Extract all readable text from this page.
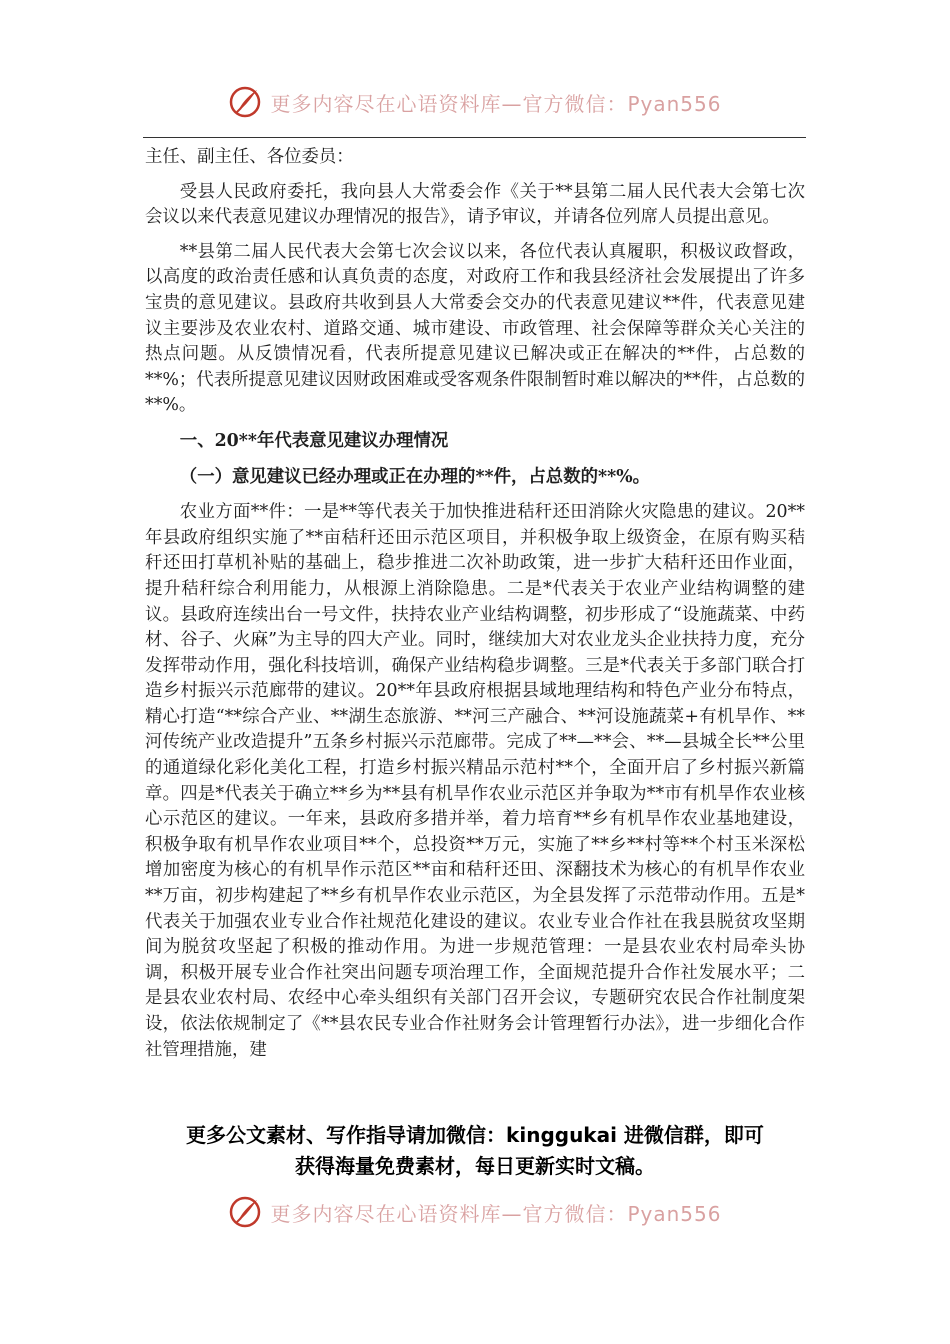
更多内容尽在心语资料库—官方微信：Pyan556

主任、副主任、各位委员：

受县人民政府委托，我向县人大常委会作《关于**县第二届人民代表大会第七次会议以来代表意见建议办理情况的报告》，请予审议，并请各位列席人员提出意见。

**县第二届人民代表大会第七次会议以来，各位代表认真履职，积极议政督政，以高度的政治责任感和认真负责的态度，对政府工作和我县经济社会发展提出了许多宝贵的意见建议。县政府共收到县人大常委会交办的代表意见建议**件，代表意见建议主要涉及农业农村、道路交通、城市建设、市政管理、社会保障等群众关心关注的热点问题。从反馈情况看，代表所提意见建议已解决或正在解决的**件，占总数的**%；代表所提意见建议因财政困难或受客观条件限制暂时难以解决的**件，占总数的**%。

一、20**年代表意见建议办理情况

（一）意见建议已经办理或正在办理的**件，占总数的**%。

农业方面**件：一是**等代表关于加快推进秸秆还田消除火灾隐患的建议。20**年县政府组织实施了**亩秸秆还田示范区项目，并积极争取上级资金，在原有购买秸秆还田打草机补贴的基础上，稳步推进二次补助政策，进一步扩大秸秆还田作业面，提升秸秆综合利用能力，从根源上消除隐患。二是*代表关于农业产业结构调整的建议。县政府连续出台一号文件，扶持农业产业结构调整，初步形成了“设施蔬菜、中药材、谷子、火麻”为主导的四大产业。同时，继续加大对农业龙头企业扶持力度，充分发挥带动作用，强化科技培训，确保产业结构稳步调整。三是*代表关于多部门联合打造乡村振兴示范廊带的建议。20**年县政府根据县域地理结构和特色产业分布特点，精心打造“**综合产业、**湖生态旅游、**河三产融合、**河设施蔬菜+有机旱作、**河传统产业改造提升”五条乡村振兴示范廊带。完成了**—**会、**—县城全长**公里的通道绿化彩化美化工程，打造乡村振兴精品示范村**个，全面开启了乡村振兴新篇章。四是*代表关于确立**乡为**县有机旱作农业示范区并争取为**市有机旱作农业核心示范区的建议。一年来，县政府多措并举，着力培育**乡有机旱作农业基地建设，积极争取有机旱作农业项目**个，总投资**万元，实施了**乡**村等**个村玉米深松增加密度为核心的有机旱作示范区**亩和秸秆还田、深翻技术为核心的有机旱作农业**万亩，初步构建起了**乡有机旱作农业示范区，为全县发挥了示范带动作用。五是*代表关于加强农业专业合作社规范化建设的建议。农业专业合作社在我县脱贫攻坚期间为脱贫攻坚起了积极的推动作用。为进一步规范管理：一是县农业农村局牵头协调，积极开展专业合作社突出问题专项治理工作，全面规范提升合作社发展水平；二是县农业农村局、农经中心牵头组织有关部门召开会议，专题研究农民合作社制度架设，依法依规制定了《**县农民专业合作社财务会计管理暂行办法》，进一步细化合作社管理措施，建

更多公文素材、写作指导请加微信：kinggukai 进微信群，即可
获得海量免费素材，每日更新实时文稿。
更多内容尽在心语资料库—官方微信：Pyan556
